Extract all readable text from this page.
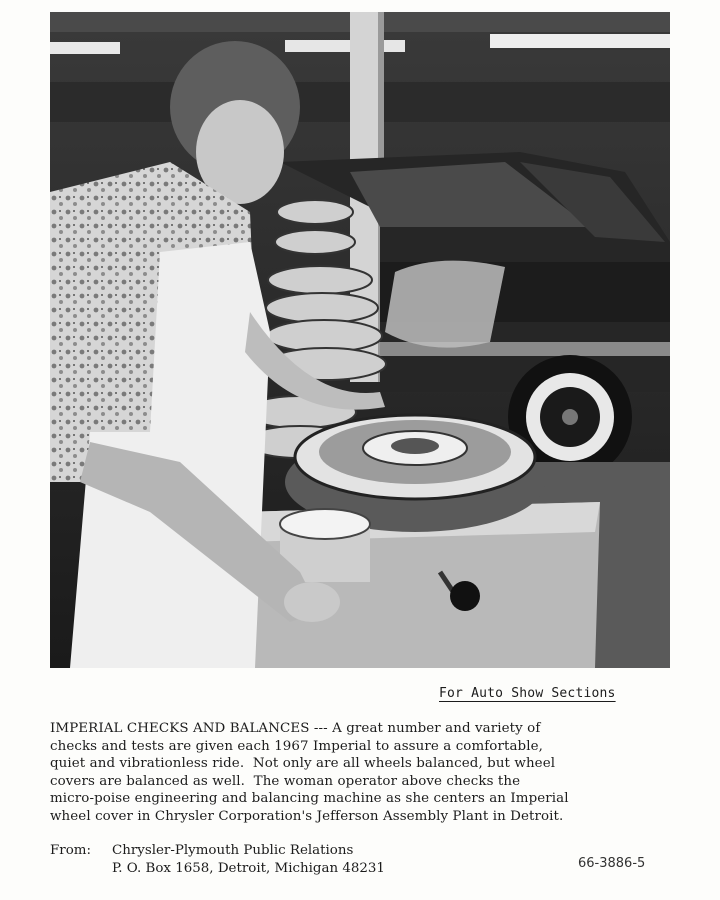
For Auto Show Sections

IMPERIAL CHECKS AND BALANCES --- A great number and variety of

checks and tests are given each 1967 Imperial to assure a comfortable,

quiet and vibrationless ride.  Not only are all wheels balanced, but wheel

covers are balanced as well.  The woman operator above checks the

micro-poise engineering and balancing machine as she centers an Imperial

wheel cover in Chrysler Corporation's Jefferson Assembly Plant in Detroit.

From: Chrysler-Plymouth Public Relations
P. O. Box 1658, Detroit, Michigan 48231	66-3886-5
